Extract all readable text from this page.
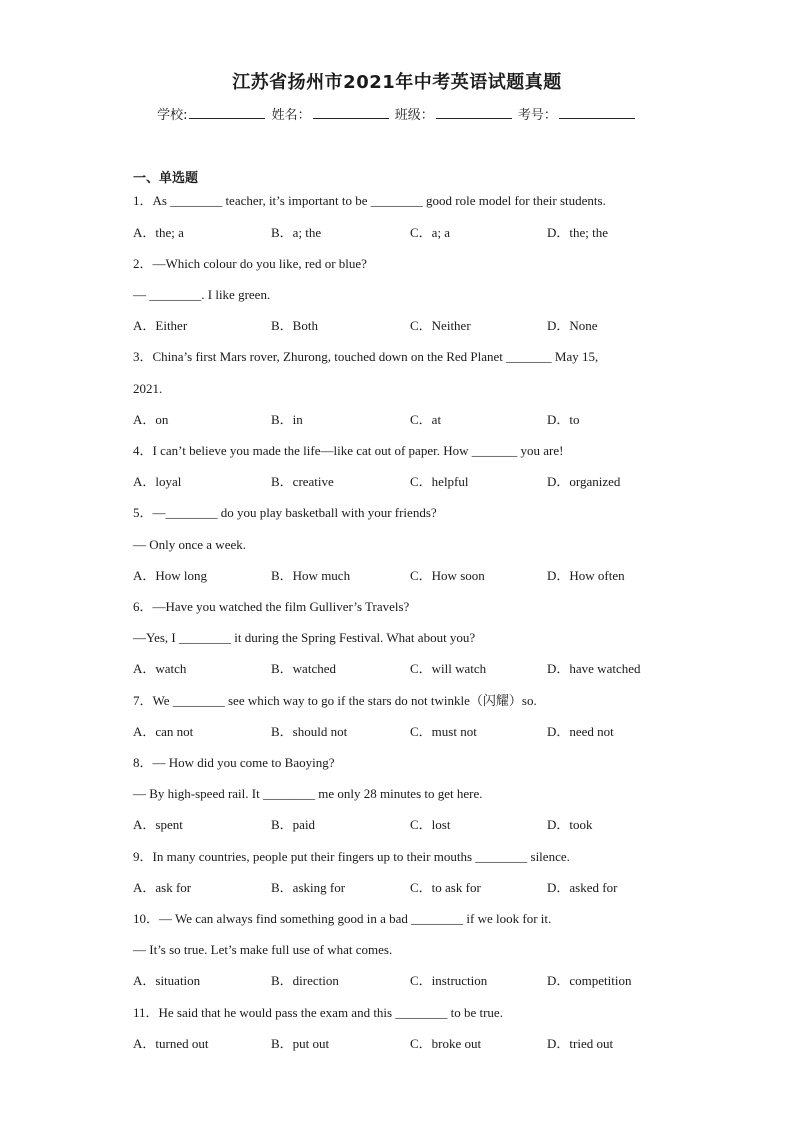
江苏省扬州市2021年中考英语试题真题
学校:	姓名：	班级：	考号：
一、单选题
1．As ________ teacher, it’s important to be ________ good role model for their students.
2．—Which colour do you like, red or blue?
— ________. I like green.
3．China’s first Mars rover, Zhurong, touched down on the Red Planet _______ May 15,
2021.
4．I can’t believe you made the life—like cat out of paper. How _______ you are!
5．—________ do you play basketball with your friends?
— Only once a week.
6．—Have you watched the film Gulliver’s Travels?
—Yes, I ________ it during the Spring Festival. What about you?
7．We ________ see which way to go if the stars do not twinkle（闪耀）so.
8．— How did you come to Baoying?
— By high-speed rail. It ________ me only 28 minutes to get here.
9．In many countries, people put their fingers up to their mouths ________ silence.
10．— We can always find something good in a bad ________ if we look for it.
— It’s so true. Let’s make full use of what comes.
11．He said that he would pass the exam and this ________ to be true.
A．the; a	B．a; the	C．a; a	D．the; the
A．Either	B．Both	C．Neither	D．None
A．on	B．in	C．at	D．to
A．loyal	B．creative	C．helpful	D．organized
A．How long	B．How much	C．How soon	D．How often
A．watch	B．watched	C．will watch	D．have watched
A．can not	B．should not	C．must not	D．need not
A．spent	B．paid	C．lost	D．took
A．ask for	B．asking for	C．to ask for	D．asked for
A．situation	B．direction	C．instruction	D．competition
A．turned out	B．put out	C．broke out	D．tried out
